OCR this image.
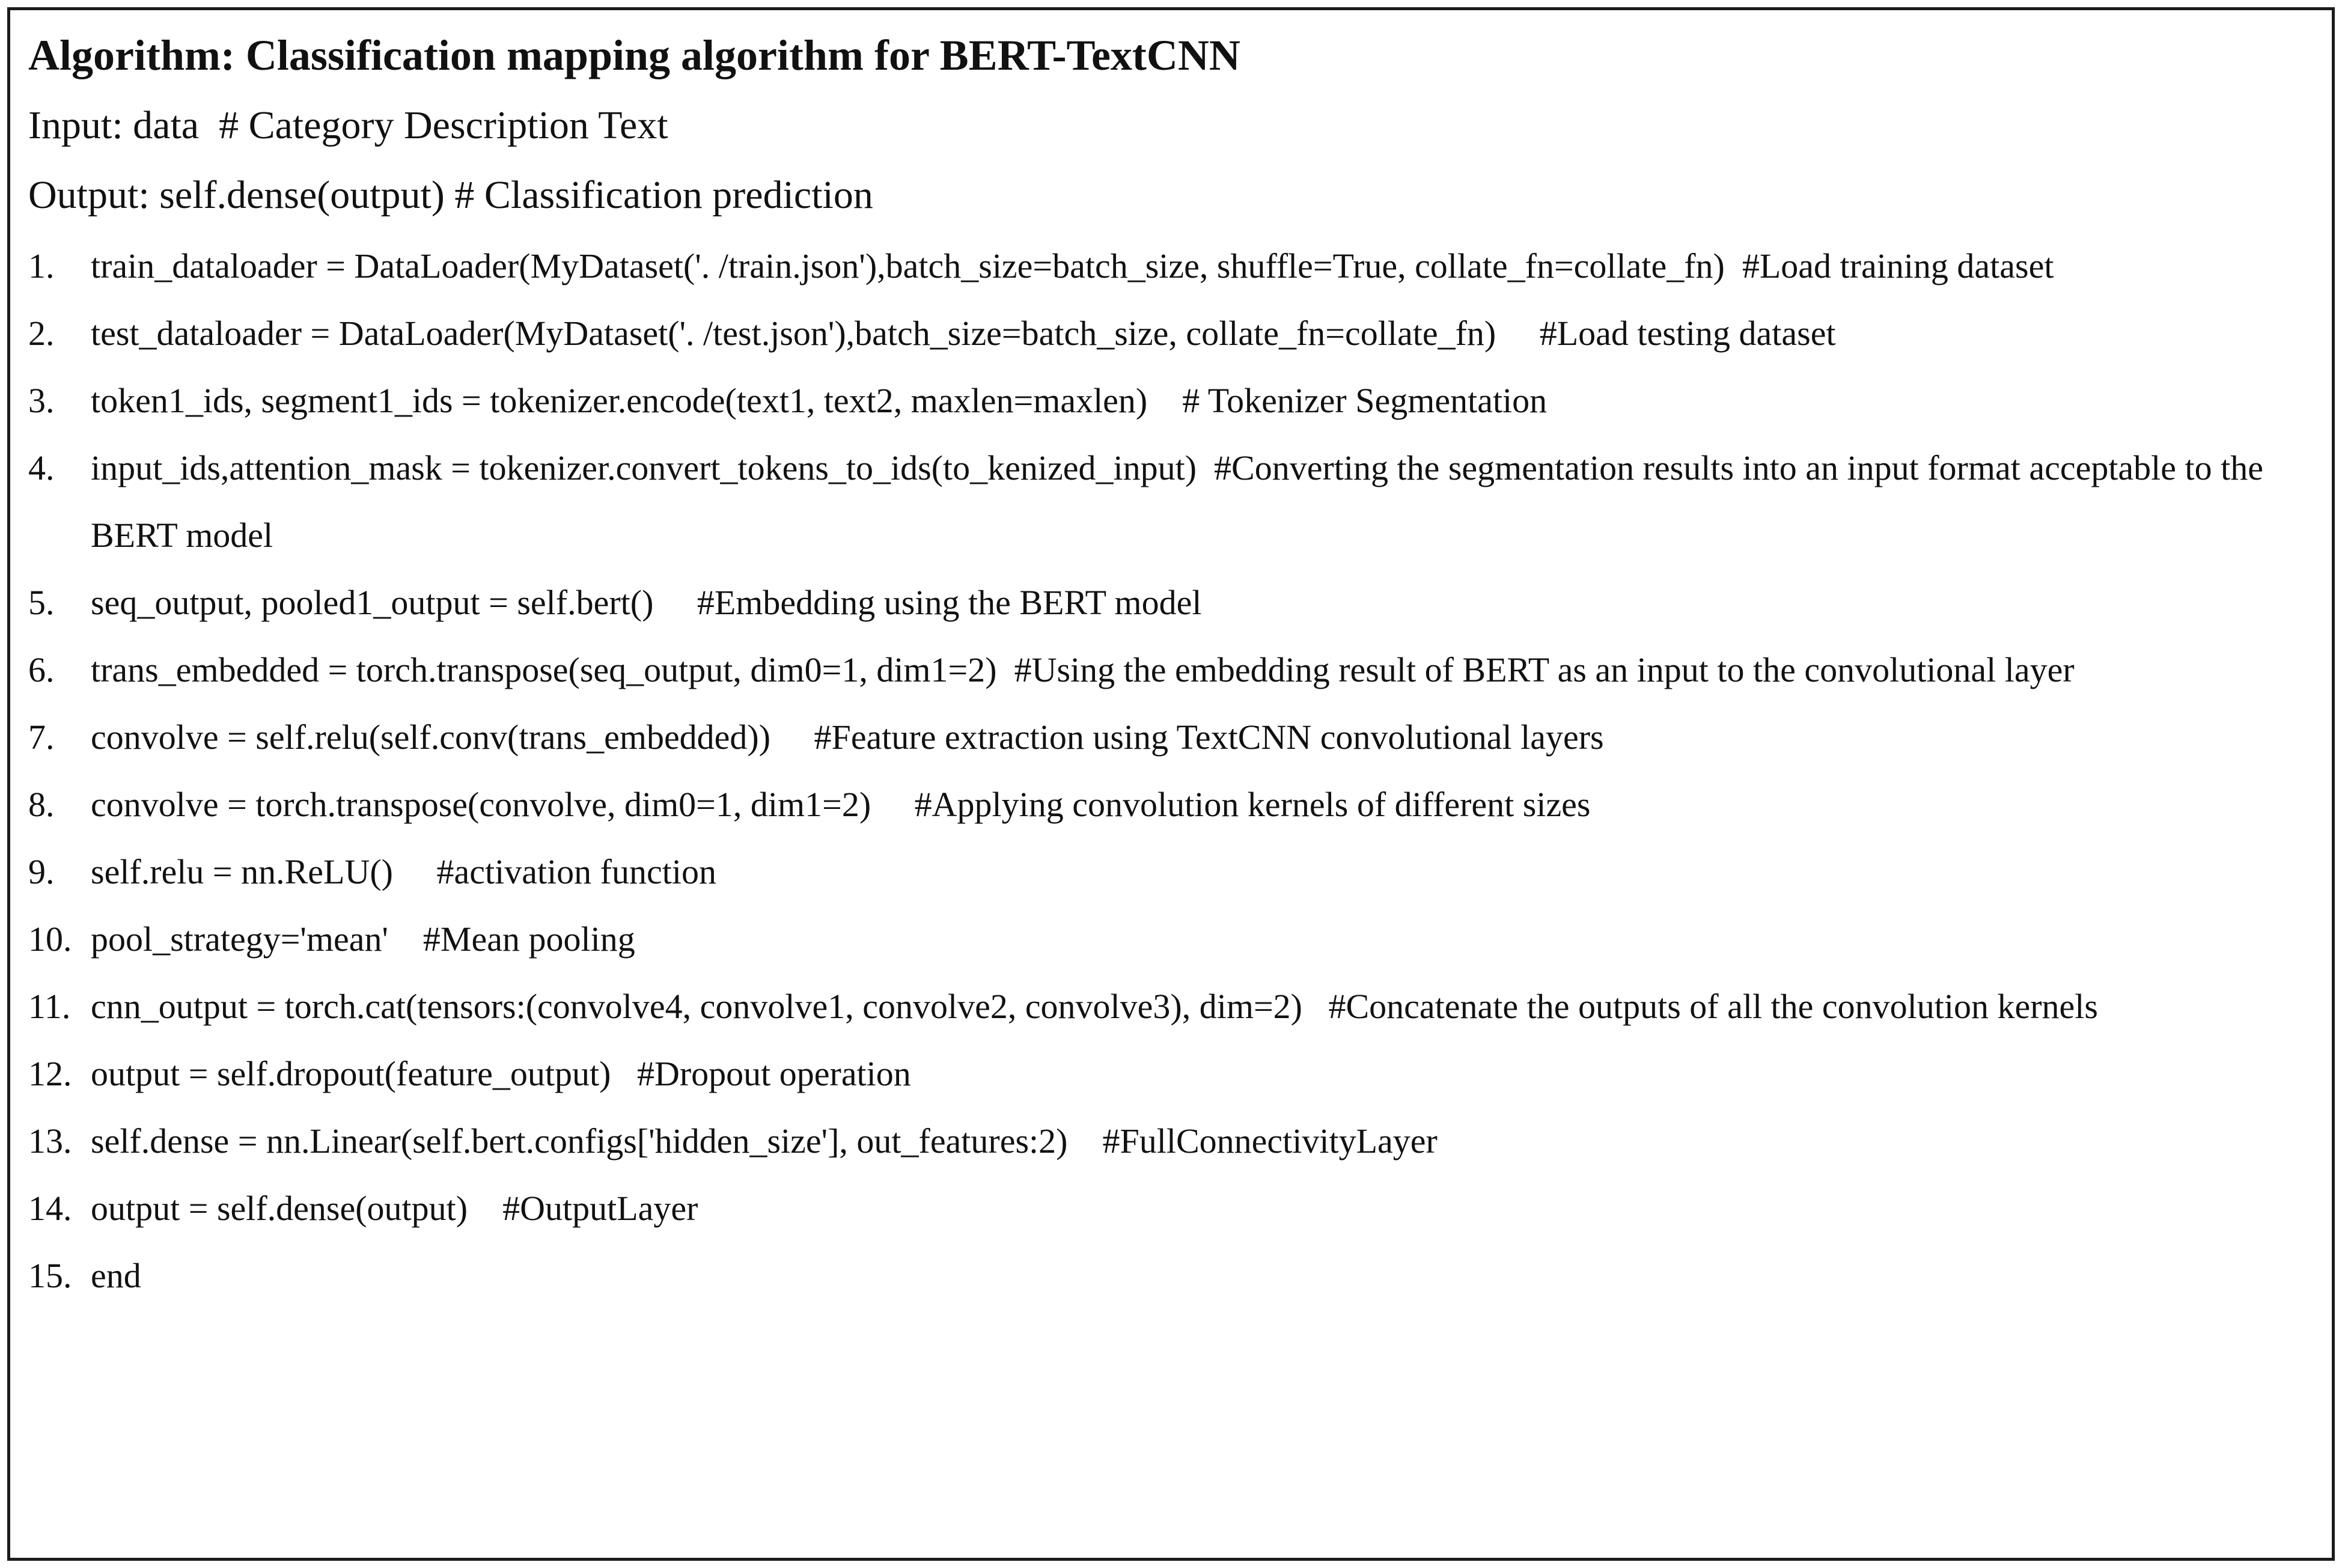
Algorithm: Classification mapping algorithm for BERT-TextCNN
Input: data  # Category Description Text
Output: self.dense(output) # Classification prediction
1.	train_dataloader = DataLoader(MyDataset('. /train.json'),batch_size=batch_size, shuffle=True, collate_fn=collate_fn)  #Load training dataset
2.	test_dataloader = DataLoader(MyDataset('. /test.json'),batch_size=batch_size, collate_fn=collate_fn)     #Load testing dataset
3.	token1_ids, segment1_ids = tokenizer.encode(text1, text2, maxlen=maxlen)    # Tokenizer Segmentation
4.	input_ids,attention_mask = tokenizer.convert_tokens_to_ids(to_kenized_input)  #Converting the segmentation results into an input format acceptable to the BERT model
5.	seq_output, pooled1_output = self.bert()     #Embedding using the BERT model
6.	trans_embedded = torch.transpose(seq_output, dim0=1, dim1=2)  #Using the embedding result of BERT as an input to the convolutional layer
7.	convolve = self.relu(self.conv(trans_embedded))     #Feature extraction using TextCNN convolutional layers
8.	convolve = torch.transpose(convolve, dim0=1, dim1=2)     #Applying convolution kernels of different sizes
9.	self.relu = nn.ReLU()     #activation function
10. pool_strategy='mean'    #Mean pooling
11. cnn_output = torch.cat(tensors:(convolve4, convolve1, convolve2, convolve3), dim=2)   #Concatenate the outputs of all the convolution kernels
12. output = self.dropout(feature_output)   #Dropout operation
13. self.dense = nn.Linear(self.bert.configs['hidden_size'], out_features:2)    #FullConnectivityLayer
14. output = self.dense(output)    #OutputLayer
15. end
